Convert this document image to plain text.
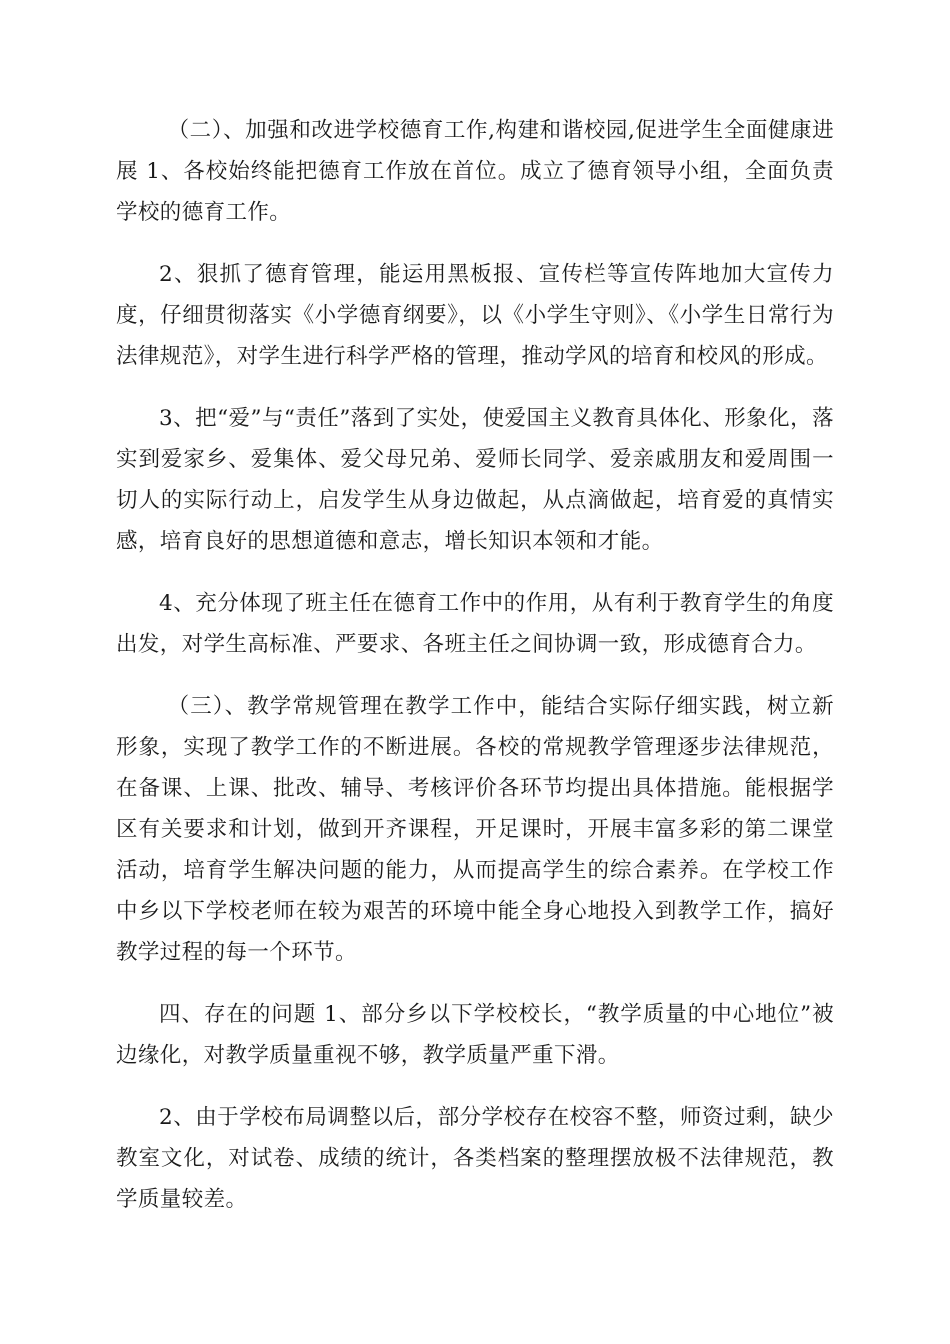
（二）、加强和改进学校德育工作,构建和谐校园,促进学生全面健康进展 1、各校始终能把德育工作放在首位。成立了德育领导小组，全面负责学校的德育工作。

2、狠抓了德育管理，能运用黑板报、宣传栏等宣传阵地加大宣传力度，仔细贯彻落实《小学德育纲要》，以《小学生守则》、《小学生日常行为法律规范》，对学生进行科学严格的管理，推动学风的培育和校风的形成。

3、把“爱”与“责任”落到了实处，使爱国主义教育具体化、形象化，落实到爱家乡、爱集体、爱父母兄弟、爱师长同学、爱亲戚朋友和爱周围一切人的实际行动上，启发学生从身边做起，从点滴做起，培育爱的真情实感，培育良好的思想道德和意志，增长知识本领和才能。

4、充分体现了班主任在德育工作中的作用，从有利于教育学生的角度出发，对学生高标准、严要求、各班主任之间协调一致，形成德育合力。

（三）、教学常规管理在教学工作中，能结合实际仔细实践，树立新形象，实现了教学工作的不断进展。各校的常规教学管理逐步法律规范，在备课、上课、批改、辅导、考核评价各环节均提出具体措施。能根据学区有关要求和计划，做到开齐课程，开足课时，开展丰富多彩的第二课堂活动，培育学生解决问题的能力，从而提高学生的综合素养。在学校工作中乡以下学校老师在较为艰苦的环境中能全身心地投入到教学工作，搞好教学过程的每一个环节。

四、存在的问题 1、部分乡以下学校校长，“教学质量的中心地位”被边缘化，对教学质量重视不够，教学质量严重下滑。

2、由于学校布局调整以后，部分学校存在校容不整，师资过剩，缺少教室文化，对试卷、成绩的统计，各类档案的整理摆放极不法律规范，教学质量较差。
